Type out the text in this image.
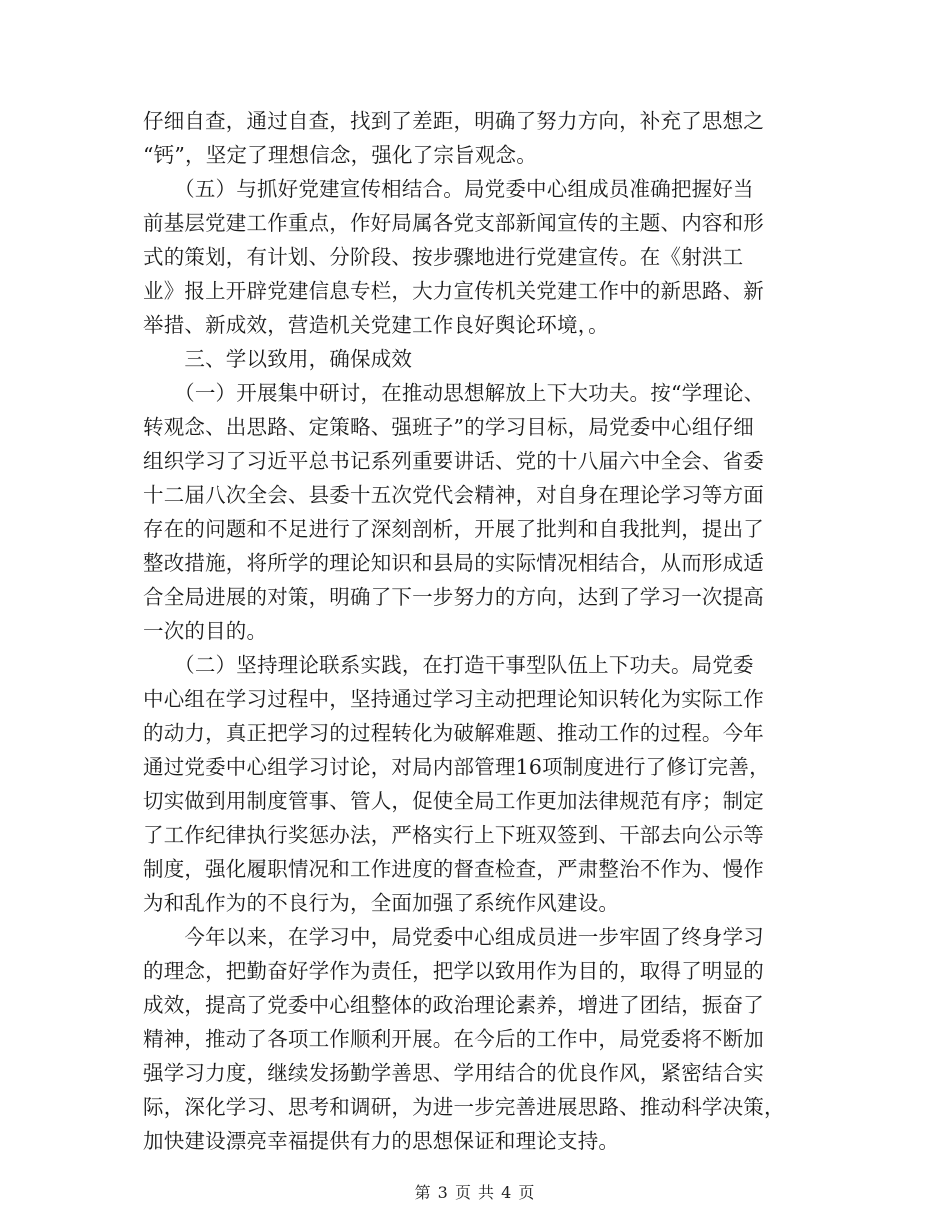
仔细自查，通过自查，找到了差距，明确了努力方向，补充了思想之
“钙”，坚定了理想信念，强化了宗旨观念。
　　（五）与抓好党建宣传相结合。局党委中心组成员准确把握好当
前基层党建工作重点，作好局属各党支部新闻宣传的主题、内容和形
式的策划，有计划、分阶段、按步骤地进行党建宣传。在《射洪工
业》报上开辟党建信息专栏，大力宣传机关党建工作中的新思路、新
举措、新成效，营造机关党建工作良好舆论环境，。
　　三、学以致用，确保成效
　　（一）开展集中研讨，在推动思想解放上下大功夫。按“学理论、
转观念、出思路、定策略、强班子”的学习目标，局党委中心组仔细
组织学习了习近平总书记系列重要讲话、党的十八届六中全会、省委
十二届八次全会、县委十五次党代会精神，对自身在理论学习等方面
存在的问题和不足进行了深刻剖析，开展了批判和自我批判，提出了
整改措施，将所学的理论知识和县局的实际情况相结合，从而形成适
合全局进展的对策，明确了下一步努力的方向，达到了学习一次提高
一次的目的。
　　（二）坚持理论联系实践，在打造干事型队伍上下功夫。局党委
中心组在学习过程中，坚持通过学习主动把理论知识转化为实际工作
的动力，真正把学习的过程转化为破解难题、推动工作的过程。今年
通过党委中心组学习讨论，对局内部管理16项制度进行了修订完善，
切实做到用制度管事、管人，促使全局工作更加法律规范有序；制定
了工作纪律执行奖惩办法，严格实行上下班双签到、干部去向公示等
制度，强化履职情况和工作进度的督查检查，严肃整治不作为、慢作
为和乱作为的不良行为，全面加强了系统作风建设。
　　今年以来，在学习中，局党委中心组成员进一步牢固了终身学习
的理念，把勤奋好学作为责任，把学以致用作为目的，取得了明显的
成效，提高了党委中心组整体的政治理论素养，增进了团结，振奋了
精神，推动了各项工作顺利开展。在今后的工作中，局党委将不断加
强学习力度，继续发扬勤学善思、学用结合的优良作风，紧密结合实
际，深化学习、思考和调研，为进一步完善进展思路、推动科学决策，
加快建设漂亮幸福提供有力的思想保证和理论支持。
第 3 页 共 4 页
